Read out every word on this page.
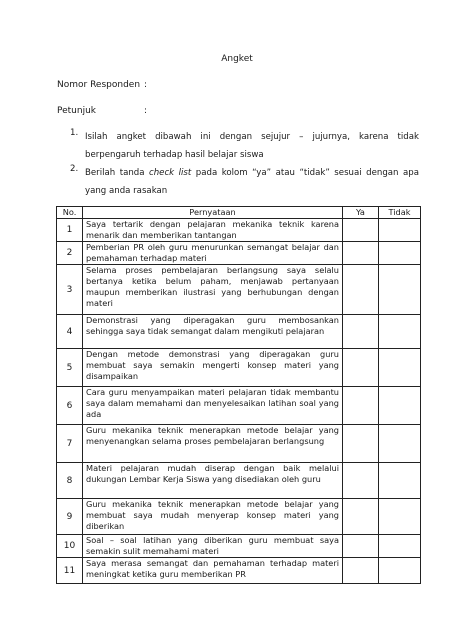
Angket
Nomor Responden :
Petunjuk	:
1. Isilah angket dibawah ini dengan sejujur – jujurnya, karena tidak berpengaruh terhadap hasil belajar siswa
2. Berilah tanda check list pada kolom “ya” atau “tidak” sesuai dengan apa yang anda rasakan
No.	Pernyataan	Ya	Tidak
1	Saya tertarik dengan pelajaran mekanika teknik karena menarik dan memberikan tantangan		
2	Pemberian PR oleh guru menurunkan semangat belajar dan pemahaman terhadap materi		
3	Selama proses pembelajaran berlangsung saya selalu bertanya ketika belum paham, menjawab pertanyaan maupun memberikan ilustrasi yang berhubungan dengan materi		
4	Demonstrasi yang diperagakan guru membosankan sehingga saya tidak semangat dalam mengikuti pelajaran		
5	Dengan metode demonstrasi yang diperagakan guru membuat saya semakin mengerti konsep materi yang disampaikan		
6	Cara guru menyampaikan materi pelajaran tidak membantu saya dalam memahami dan menyelesaikan latihan soal yang ada		
7	Guru mekanika teknik menerapkan metode belajar yang menyenangkan selama proses pembelajaran berlangsung		
8	Materi pelajaran mudah diserap dengan baik melalui dukungan Lembar Kerja Siswa yang disediakan oleh guru		
9	Guru mekanika teknik menerapkan metode belajar yang membuat saya mudah menyerap konsep materi yang diberikan		
10	Soal – soal latihan yang diberikan guru membuat saya semakin sulit memahami materi		
11	Saya merasa semangat dan pemahaman terhadap materi meningkat ketika guru memberikan PR		
